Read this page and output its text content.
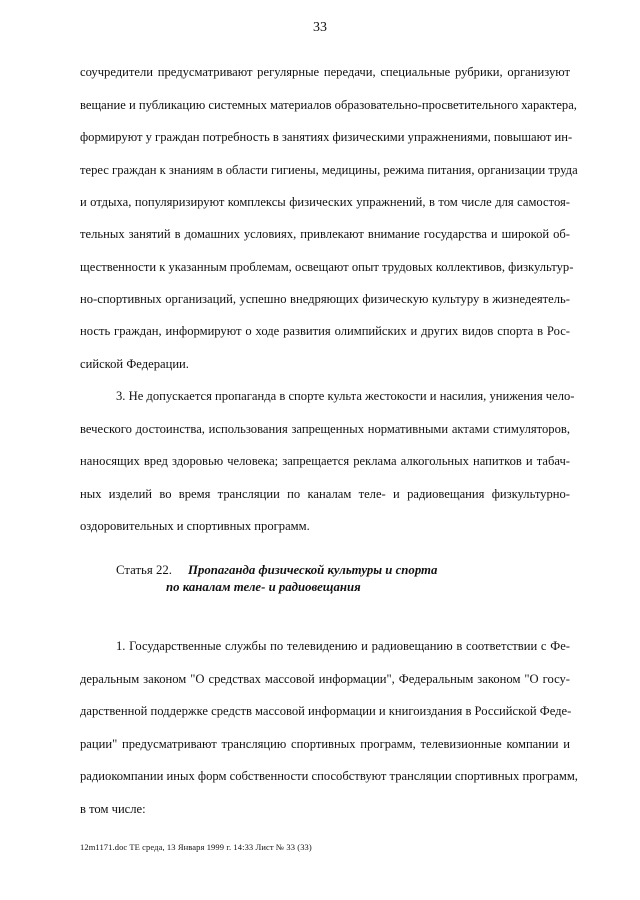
33
соучредители предусматривают регулярные передачи, специальные рубрики, организуют
вещание и публикацию системных материалов образовательно-просветительного характера,
формируют у граждан потребность в занятиях физическими упражнениями, повышают ин-
терес граждан к знаниям в области гигиены, медицины, режима питания, организации труда
и отдыха, популяризируют комплексы физических упражнений, в том числе для самостоя-
тельных занятий в домашних условиях, привлекают внимание государства и широкой об-
щественности к указанным проблемам, освещают опыт трудовых коллективов, физкультур-
но-спортивных организаций, успешно внедряющих физическую культуру в жизнедеятель-
ность граждан, информируют о ходе развития олимпийских и других видов спорта в Рос-
сийской Федерации.
3. Не допускается пропаганда в спорте культа жестокости и насилия, унижения чело-
веческого достоинства, использования запрещенных нормативными актами стимуляторов,
наносящих вред здоровью человека; запрещается реклама алкогольных напитков и табач-
ных изделий во время трансляции по каналам теле- и радиовещания физкультурно-
оздоровительных и спортивных программ.
Статья 22. Пропаганда физической культуры и спорта
по каналам теле- и радиовещания
1. Государственные службы по телевидению и радиовещанию в соответствии с Фе-
деральным законом "О средствах массовой информации", Федеральным законом "О госу-
дарственной поддержке средств массовой информации и книгоиздания в Российской Феде-
рации" предусматривают трансляцию спортивных программ, телевизионные компании и
радиокомпании иных форм собственности способствуют трансляции спортивных программ,
в том числе:
12m1171.doc TE среда, 13 Января 1999 г. 14:33 Лист № 33 (33)
